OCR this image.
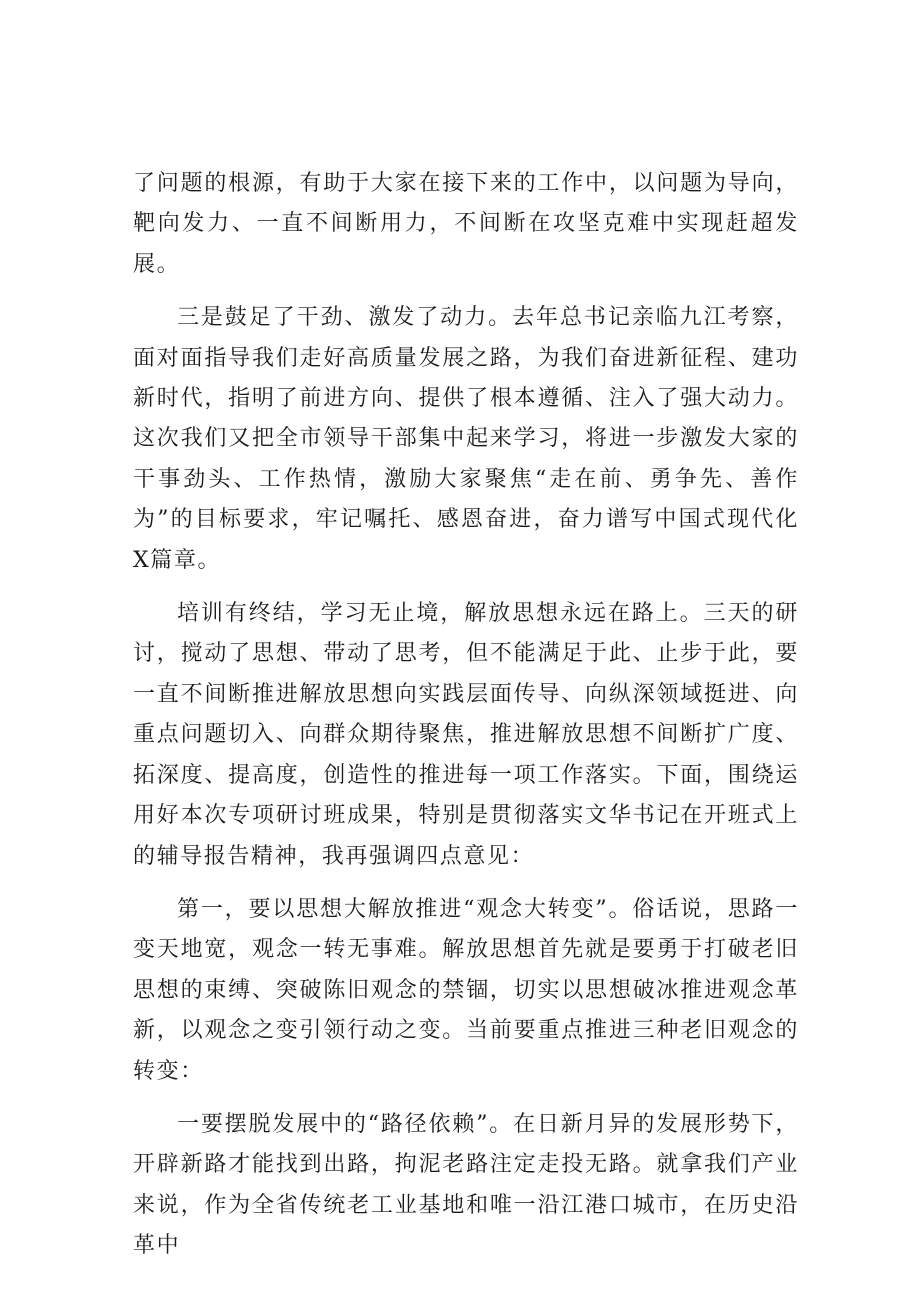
了问题的根源，有助于大家在接下来的工作中，以问题为导向，靶向发力、一直不间断用力，不间断在攻坚克难中实现赶超发展。

三是鼓足了干劲、激发了动力。去年总书记亲临九江考察，面对面指导我们走好高质量发展之路，为我们奋进新征程、建功新时代，指明了前进方向、提供了根本遵循、注入了强大动力。这次我们又把全市领导干部集中起来学习，将进一步激发大家的干事劲头、工作热情，激励大家聚焦“走在前、勇争先、善作为”的目标要求，牢记嘱托、感恩奋进，奋力谱写中国式现代化X篇章。

培训有终结，学习无止境，解放思想永远在路上。三天的研讨，搅动了思想、带动了思考，但不能满足于此、止步于此，要一直不间断推进解放思想向实践层面传导、向纵深领域挺进、向重点问题切入、向群众期待聚焦，推进解放思想不间断扩广度、拓深度、提高度，创造性的推进每一项工作落实。下面，围绕运用好本次专项研讨班成果，特别是贯彻落实文华书记在开班式上的辅导报告精神，我再强调四点意见：

第一，要以思想大解放推进“观念大转变”。俗话说，思路一变天地宽，观念一转无事难。解放思想首先就是要勇于打破老旧思想的束缚、突破陈旧观念的禁锢，切实以思想破冰推进观念革新，以观念之变引领行动之变。当前要重点推进三种老旧观念的转变：

一要摆脱发展中的“路径依赖”。在日新月异的发展形势下，开辟新路才能找到出路，拘泥老路注定走投无路。就拿我们产业来说，作为全省传统老工业基地和唯一沿江港口城市，在历史沿革中
